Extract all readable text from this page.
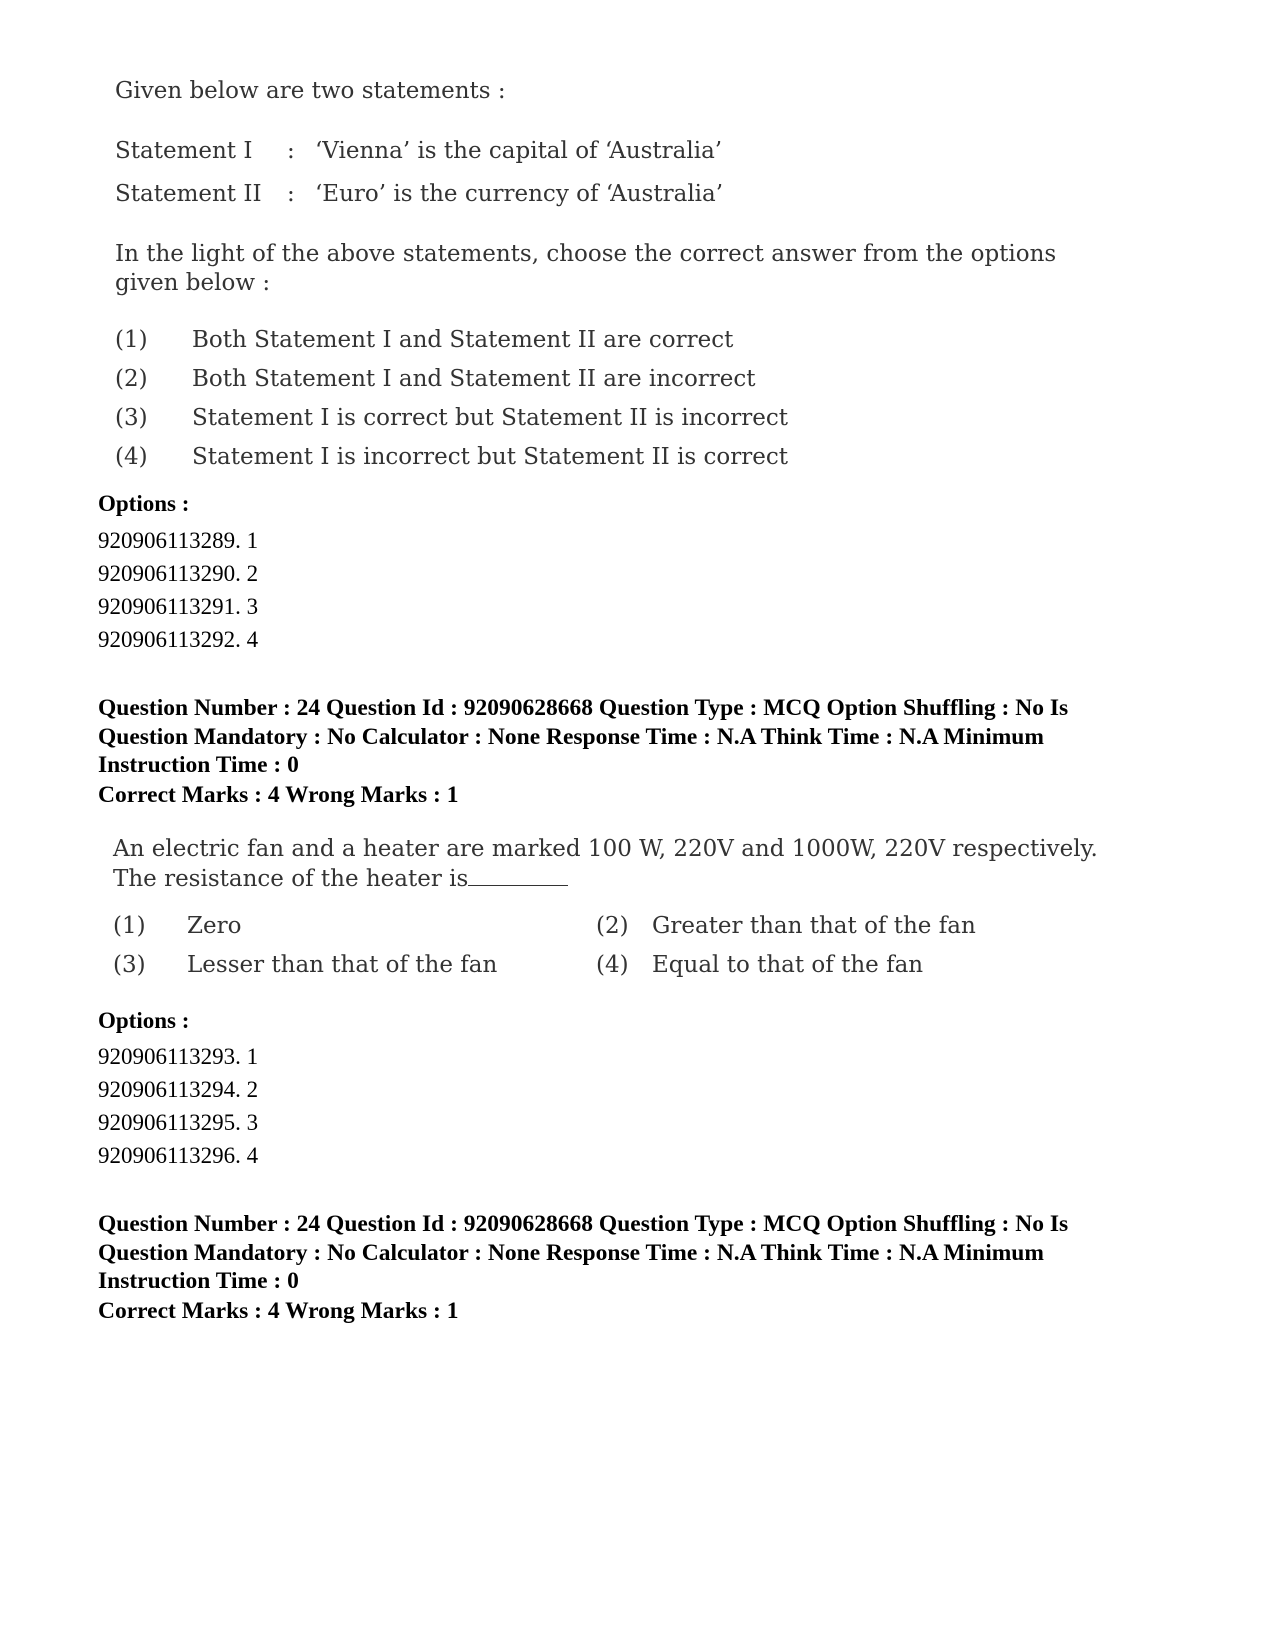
Given below are two statements :
Statement I : ‘Vienna’ is the capital of ‘Australia’
Statement II : ‘Euro’ is the currency of ‘Australia’
In the light of the above statements, choose the correct answer from the options
given below :
(1) Both Statement I and Statement II are correct
(2) Both Statement I and Statement II are incorrect
(3) Statement I is correct but Statement II is incorrect
(4) Statement I is incorrect but Statement II is correct
Options :
920906113289. 1
920906113290. 2
920906113291. 3
920906113292. 4
Question Number : 24 Question Id : 92090628668 Question Type : MCQ Option Shuffling : No Is
Question Mandatory : No Calculator : None Response Time : N.A Think Time : N.A Minimum
Instruction Time : 0
Correct Marks : 4 Wrong Marks : 1
An electric fan and a heater are marked 100 W, 220V and 1000W, 220V respectively.
The resistance of the heater is
(1) Zero	(2) Greater than that of the fan
(3) Lesser than that of the fan	(4) Equal to that of the fan
Options :
920906113293. 1
920906113294. 2
920906113295. 3
920906113296. 4
Question Number : 24 Question Id : 92090628668 Question Type : MCQ Option Shuffling : No Is
Question Mandatory : No Calculator : None Response Time : N.A Think Time : N.A Minimum
Instruction Time : 0
Correct Marks : 4 Wrong Marks : 1
